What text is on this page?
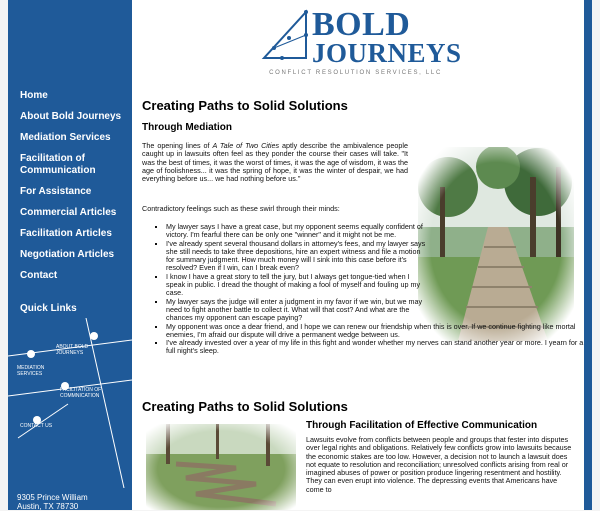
Home
About Bold Journeys
Mediation Services
Facilitation of Communication
For Assistance
Commercial Articles
Facilitation Articles
Negotiation Articles
Contact
Quick Links
ABOUT BOLD JOURNEYS
MEDIATION SERVICES
FACILITATION OF COMMNICATION
CONTACT US
9305 Prince William
Austin, TX 78730
BOLD
JOURNEYS
CONFLICT RESOLUTION SERVICES, LLC
Creating Paths to Solid Solutions
Through Mediation

The opening lines of A Tale of Two Cities aptly describe the ambivalence people caught up in lawsuits often feel as they ponder the course their cases will take. "It was the best of times, it was the worst of times, it was the age of wisdom, it was the age of foolishness... it was the spring of hope, it was the winter of despair, we had everything before us... we had nothing before us."

Contradictory feelings such as these swirl through their minds:

▪ My lawyer says I have a great case, but my opponent seems equally confident of victory. I'm fearful there can be only one "winner" and it might not be me.
▪ I've already spent several thousand dollars in attorney's fees, and my lawyer says she still needs to take three depositions, hire an expert witness and file a motion for summary judgment. How much money will I sink into this case before it's resolved? Even if I win, can I break even?
▪ I know I have a great story to tell the jury, but I always get tongue-tied when I speak in public. I dread the thought of making a fool of myself and fouling up my case.
▪ My lawyer says the judge will enter a judgment in my favor if we win, but we may need to fight another battle to collect it. What will that cost? And what are the chances my opponent can escape paying?
▪ My opponent was once a dear friend, and I hope we can renew our friendship when this is over. If we continue fighting like mortal enemies, I'm afraid our dispute will drive a permanent wedge between us.
▪ I've already invested over a year of my life in this fight and wonder whether my nerves can stand another year or more. I yearn for a full night's sleep.
Creating Paths to Solid Solutions
Through Facilitation of Effective Communication

Lawsuits evolve from conflicts between people and groups that fester into disputes over legal rights and obligations. Relatively few conflicts grow into lawsuits because the economic stakes are too low. However, a decision not to launch a lawsuit does not equate to resolution and reconciliation; unresolved conflicts arising from real or imagined abuses of power or position produce lingering resentment and hostility. They can even erupt into violence. The depressing events that Americans have come to
